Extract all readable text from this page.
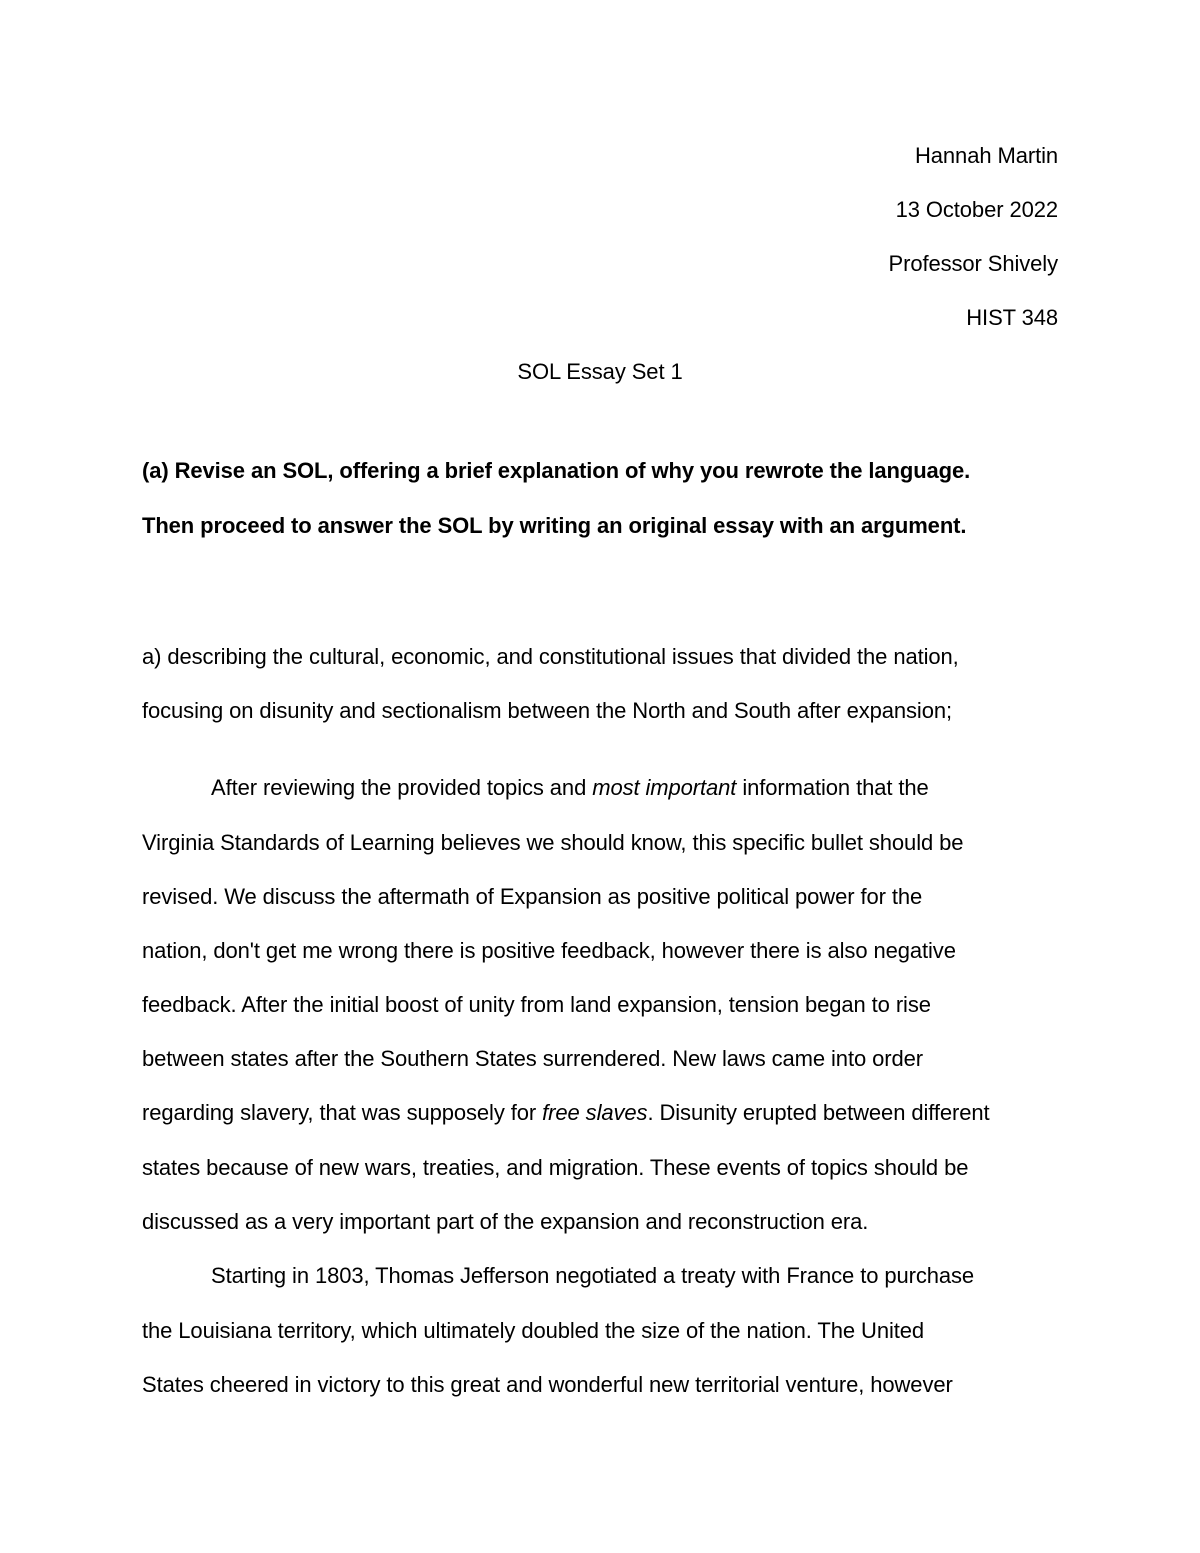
Hannah Martin
13 October 2022
Professor Shively
HIST 348
SOL Essay Set 1
(a) Revise an SOL, offering a brief explanation of why you rewrote the language.
Then proceed to answer the SOL by writing an original essay with an argument.
a) describing the cultural, economic, and constitutional issues that divided the nation,
focusing on disunity and sectionalism between the North and South after expansion;
After reviewing the provided topics and most important information that the
Virginia Standards of Learning believes we should know, this specific bullet should be
revised. We discuss the aftermath of Expansion as positive political power for the
nation, don't get me wrong there is positive feedback, however there is also negative
feedback. After the initial boost of unity from land expansion, tension began to rise
between states after the Southern States surrendered. New laws came into order
regarding slavery, that was supposely for free slaves. Disunity erupted between different
states because of new wars, treaties, and migration. These events of topics should be
discussed as a very important part of the expansion and reconstruction era.
Starting in 1803, Thomas Jefferson negotiated a treaty with France to purchase
the Louisiana territory, which ultimately doubled the size of the nation. The United
States cheered in victory to this great and wonderful new territorial venture, however
